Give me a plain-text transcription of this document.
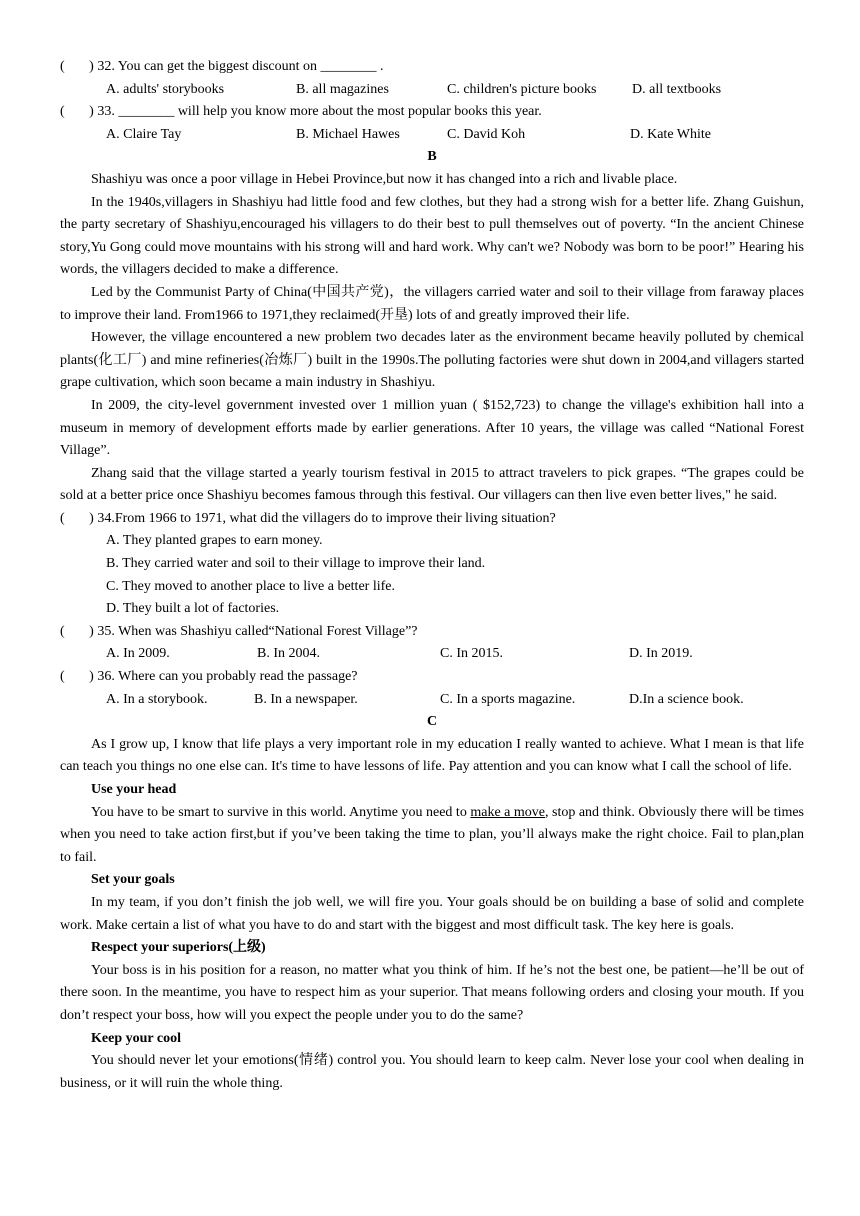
(       ) 32. You can get the biggest discount on ________ .
A. adults' storybooks	B. all magazines	C. children's picture books	D. all textbooks
(       ) 33. ________ will help you know more about the most popular books this year.
A. Claire Tay	B. Michael Hawes	C. David Koh	D. Kate White
B
Shashiyu was once a poor village in Hebei Province,but now it has changed into a rich and livable place.
In the 1940s,villagers in Shashiyu had little food and few clothes, but they had a strong wish for a better life. Zhang Guishun, the party secretary of Shashiyu,encouraged his villagers to do their best to pull themselves out of poverty. “In the ancient Chinese story,Yu Gong could move mountains with his strong will and hard work. Why can't we? Nobody was born to be poor!” Hearing his words, the villagers decided to make a difference.
Led by the Communist Party of China(中国共产党)，the villagers carried water and soil to their village from faraway places to improve their land. From1966 to 1971,they reclaimed(开垦) lots of and greatly improved their life.
However, the village encountered a new problem two decades later as the environment became heavily polluted by chemical plants(化工厂) and mine refineries(冶炼厂) built in the 1990s.The polluting factories were shut down in 2004,and villagers started grape cultivation, which soon became a main industry in Shashiyu.
In 2009, the city-level government invested over 1 million yuan ( $152,723) to change the village's exhibition hall into a museum in memory of development efforts made by earlier generations. After 10 years, the village was called “National Forest Village”.
Zhang said that the village started a yearly tourism festival in 2015 to attract travelers to pick grapes. “The grapes could be sold at a better price once Shashiyu becomes famous through this festival. Our villagers can then live even better lives," he said.
(       ) 34.From 1966 to 1971, what did the villagers do to improve their living situation?
A. They planted grapes to earn money.
B. They carried water and soil to their village to improve their land.
C. They moved to another place to live a better life.
D. They built a lot of factories.
(       ) 35. When was Shashiyu called“National Forest Village”?
A. In 2009.	B. In 2004.	C. In 2015.	D. In 2019.
(       ) 36. Where can you probably read the passage?
A. In a storybook.	B. In a newspaper.	C. In a sports magazine.	D.In a science book.
C
As I grow up, I know that life plays a very important role in my education I really wanted to achieve. What I mean is that life can teach you things no one else can. It's time to have lessons of life. Pay attention and you can know what I call the school of life.
Use your head
You have to be smart to survive in this world. Anytime you need to make a move, stop and think. Obviously there will be times when you need to take action first,but if you’ve been taking the time to plan, you’ll always make the right choice. Fail to plan,plan to fail.
Set your goals
In my team, if you don’t finish the job well, we will fire you. Your goals should be on building a base of solid and complete work. Make certain a list of what you have to do and start with the biggest and most difficult task. The key here is goals.
Respect your superiors(上级)
Your boss is in his position for a reason, no matter what you think of him. If he’s not the best one, be patient—he’ll be out of there soon. In the meantime, you have to respect him as your superior. That means following orders and closing your mouth. If you don’t respect your boss, how will you expect the people under you to do the same?
Keep your cool
You should never let your emotions(情绪) control you. You should learn to keep calm. Never lose your cool when dealing in business, or it will ruin the whole thing.
